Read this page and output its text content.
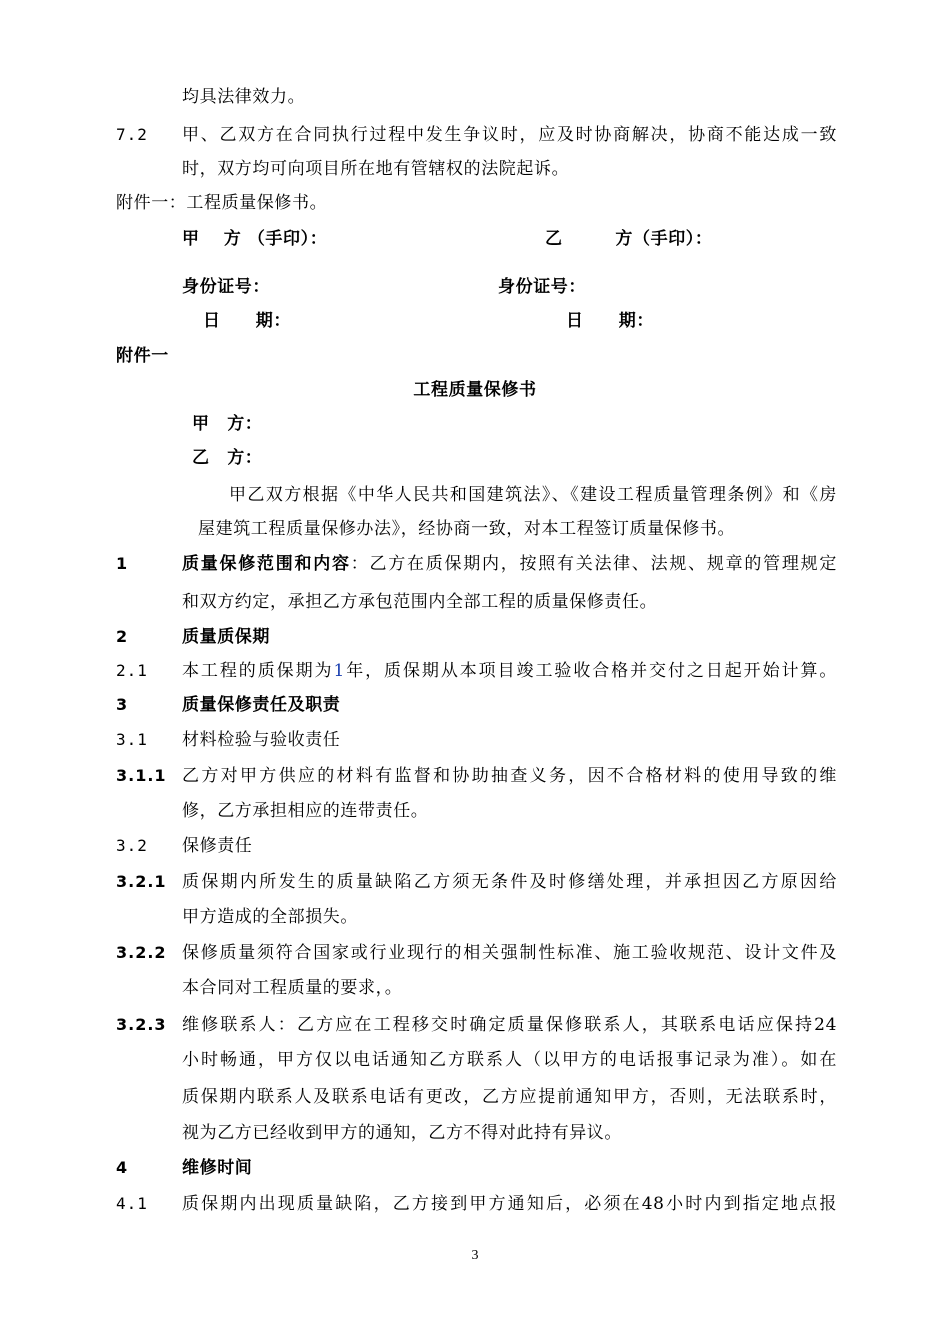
均具法律效力。
7.2 甲、乙双方在合同执行过程中发生争议时，应及时协商解决，协商不能达成一致
时，双方均可向项目所在地有管辖权的法院起诉。
附件一：工程质量保修书。
甲　 方 （手印）：	乙　　　方（手印）：
身份证号：	身份证号：
日　　期：	日　　期：
附件一
工程质量保修书
甲　方：
乙　方：
甲乙双方根据《中华人民共和国建筑法》、《建设工程质量管理条例》和《房
屋建筑工程质量保修办法》，经协商一致，对本工程签订质量保修书。
1	质量保修范围和内容：乙方在质保期内，按照有关法律、法规、规章的管理规定
和双方约定，承担乙方承包范围内全部工程的质量保修责任。
2	质量质保期
2.1 本工程的质保期为1年，质保期从本项目竣工验收合格并交付之日起开始计算。
3	质量保修责任及职责
3.1 材料检验与验收责任
3.1.1 乙方对甲方供应的材料有监督和协助抽查义务，因不合格材料的使用导致的维
修，乙方承担相应的连带责任。
3.2 保修责任
3.2.1 质保期内所发生的质量缺陷乙方须无条件及时修缮处理，并承担因乙方原因给
甲方造成的全部损失。
3.2.2 保修质量须符合国家或行业现行的相关强制性标准、施工验收规范、设计文件及
本合同对工程质量的要求，。
3.2.3 维修联系人：乙方应在工程移交时确定质量保修联系人，其联系电话应保持24
小时畅通，甲方仅以电话通知乙方联系人（以甲方的电话报事记录为准）。如在
质保期内联系人及联系电话有更改，乙方应提前通知甲方，否则，无法联系时，
视为乙方已经收到甲方的通知，乙方不得对此持有异议。
4	维修时间
4.1 质保期内出现质量缺陷，乙方接到甲方通知后，必须在48小时内到指定地点报
3
